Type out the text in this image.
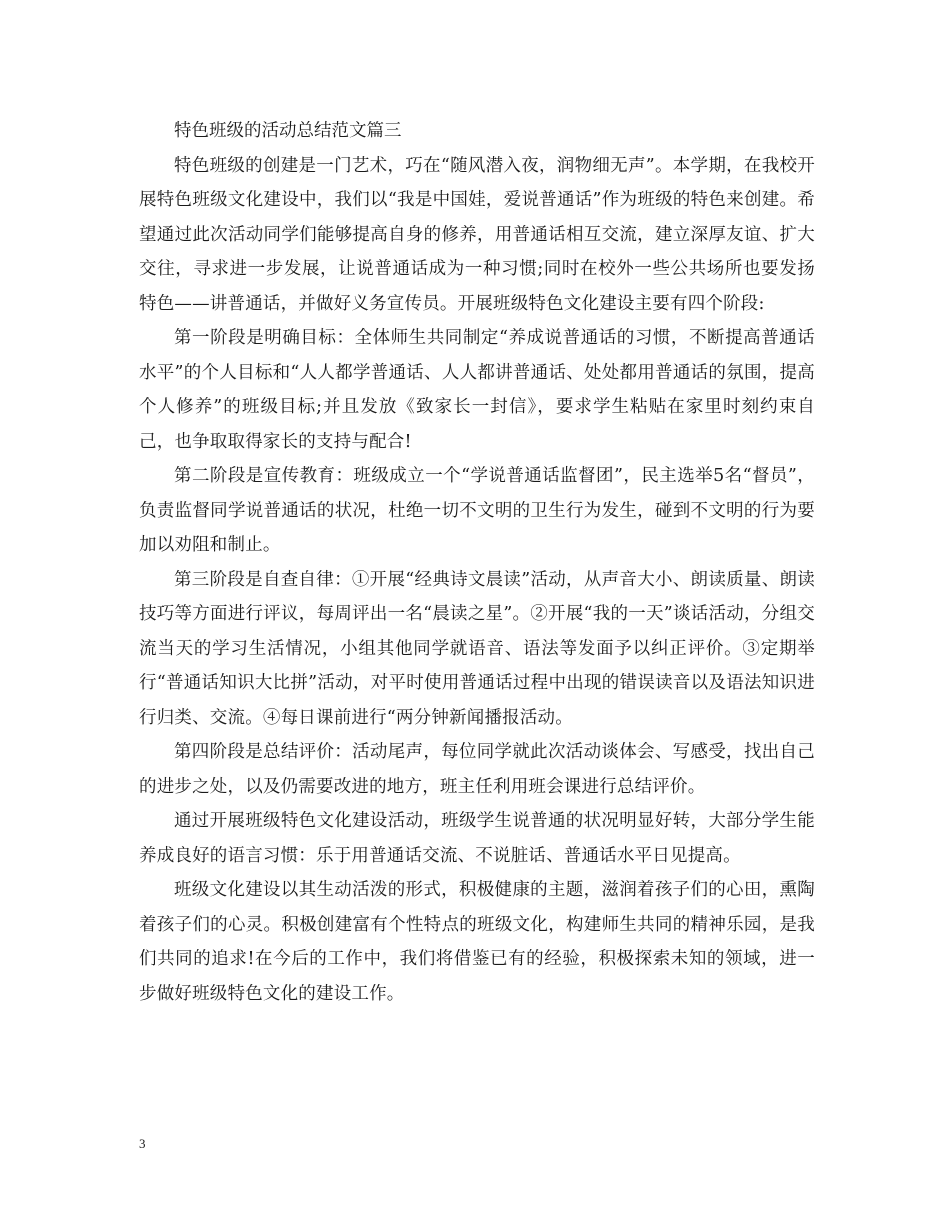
特色班级的活动总结范文篇三

特色班级的创建是一门艺术，巧在“随风潜入夜，润物细无声”。本学期，在我校开展特色班级文化建设中，我们以“我是中国娃，爱说普通话”作为班级的特色来创建。希望通过此次活动同学们能够提高自身的修养，用普通话相互交流，建立深厚友谊、扩大交往，寻求进一步发展，让说普通话成为一种习惯;同时在校外一些公共场所也要发扬特色——讲普通话，并做好义务宣传员。开展班级特色文化建设主要有四个阶段:

第一阶段是明确目标：全体师生共同制定“养成说普通话的习惯，不断提高普通话水平”的个人目标和“人人都学普通话、人人都讲普通话、处处都用普通话的氛围，提高个人修养”的班级目标;并且发放《致家长一封信》，要求学生粘贴在家里时刻约束自己，也争取取得家长的支持与配合!

第二阶段是宣传教育：班级成立一个“学说普通话监督团”，民主选举5名“督员”，负责监督同学说普通话的状况，杜绝一切不文明的卫生行为发生，碰到不文明的行为要加以劝阻和制止。

第三阶段是自查自律：①开展“经典诗文晨读”活动，从声音大小、朗读质量、朗读技巧等方面进行评议，每周评出一名“晨读之星”。②开展“我的一天”谈话活动，分组交流当天的学习生活情况，小组其他同学就语音、语法等发面予以纠正评价。③定期举行“普通话知识大比拼”活动，对平时使用普通话过程中出现的错误读音以及语法知识进行归类、交流。④每日课前进行“两分钟新闻播报活动。

第四阶段是总结评价：活动尾声，每位同学就此次活动谈体会、写感受，找出自己的进步之处，以及仍需要改进的地方，班主任利用班会课进行总结评价。

通过开展班级特色文化建设活动，班级学生说普通的状况明显好转，大部分学生能养成良好的语言习惯：乐于用普通话交流、不说脏话、普通话水平日见提高。

班级文化建设以其生动活泼的形式，积极健康的主题，滋润着孩子们的心田，熏陶着孩子们的心灵。积极创建富有个性特点的班级文化，构建师生共同的精神乐园，是我们共同的追求!在今后的工作中，我们将借鉴已有的经验，积极探索未知的领域，进一步做好班级特色文化的建设工作。

3
